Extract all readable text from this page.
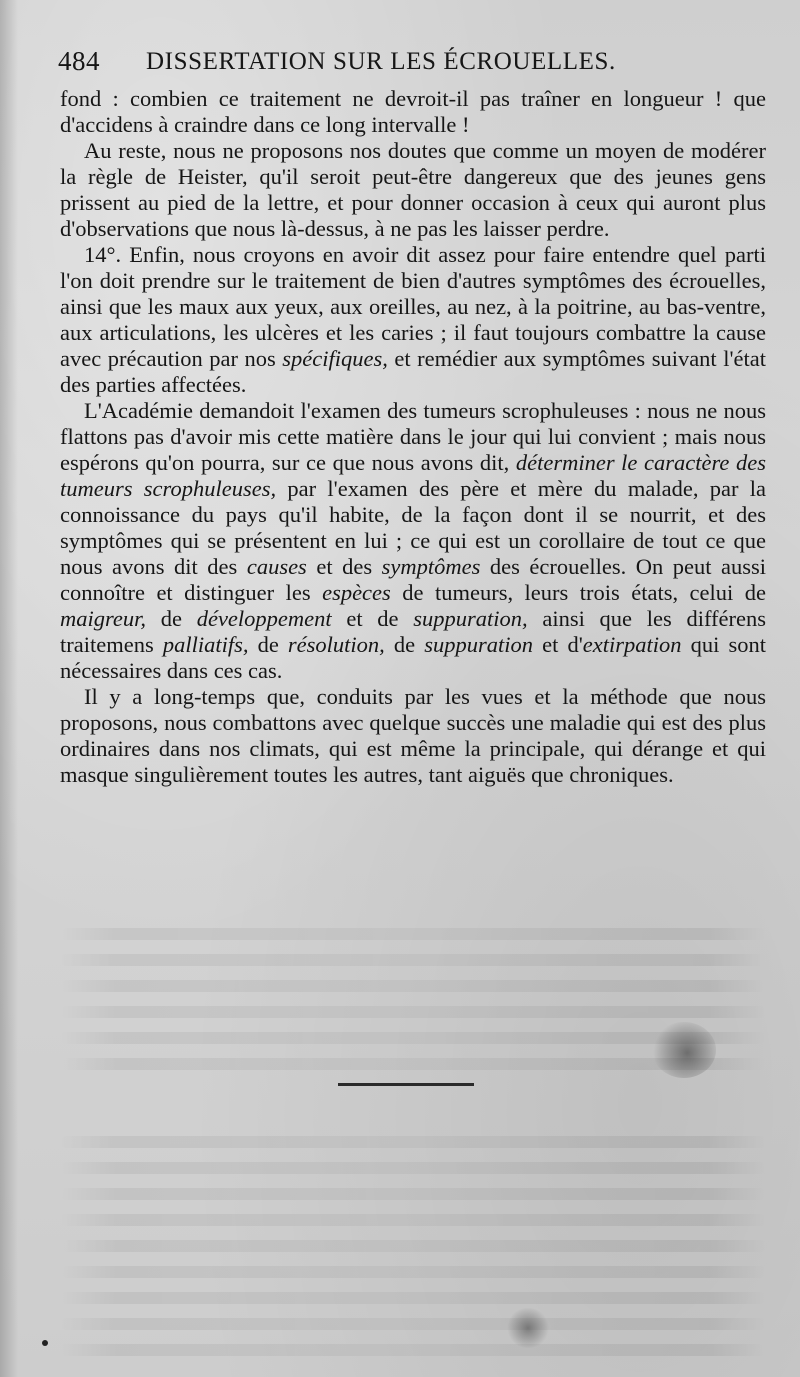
484 DISSERTATION SUR LES ÉCROUELLES.

fond : combien ce traitement ne devroit-il pas traîner en longueur ! que d'accidens à craindre dans ce long intervalle !

Au reste, nous ne proposons nos doutes que comme un moyen de modérer la règle de Heister, qu'il seroit peut-être dangereux que des jeunes gens prissent au pied de la lettre, et pour donner occasion à ceux qui auront plus d'observations que nous là-dessus, à ne pas les laisser perdre.

14°. Enfin, nous croyons en avoir dit assez pour faire entendre quel parti l'on doit prendre sur le traitement de bien d'autres symptômes des écrouelles, ainsi que les maux aux yeux, aux oreilles, au nez, à la poitrine, au bas-ventre, aux articulations, les ulcères et les caries ; il faut toujours combattre la cause avec précaution par nos spécifiques, et remédier aux symptômes suivant l'état des parties affectées.

L'Académie demandoit l'examen des tumeurs scrophuleuses : nous ne nous flattons pas d'avoir mis cette matière dans le jour qui lui convient ; mais nous espérons qu'on pourra, sur ce que nous avons dit, déterminer le caractère des tumeurs scrophuleuses, par l'examen des père et mère du malade, par la connoissance du pays qu'il habite, de la façon dont il se nourrit, et des symptômes qui se présentent en lui ; ce qui est un corollaire de tout ce que nous avons dit des causes et des symptômes des écrouelles. On peut aussi connoître et distinguer les espèces de tumeurs, leurs trois états, celui de maigreur, de développement et de suppuration, ainsi que les différens traitemens palliatifs, de résolution, de suppuration et d'extirpation qui sont nécessaires dans ces cas.

Il y a long-temps que, conduits par les vues et la méthode que nous proposons, nous combattons avec quelque succès une maladie qui est des plus ordinaires dans nos climats, qui est même la principale, qui dérange et qui masque singulièrement toutes les autres, tant aiguës que chroniques.
